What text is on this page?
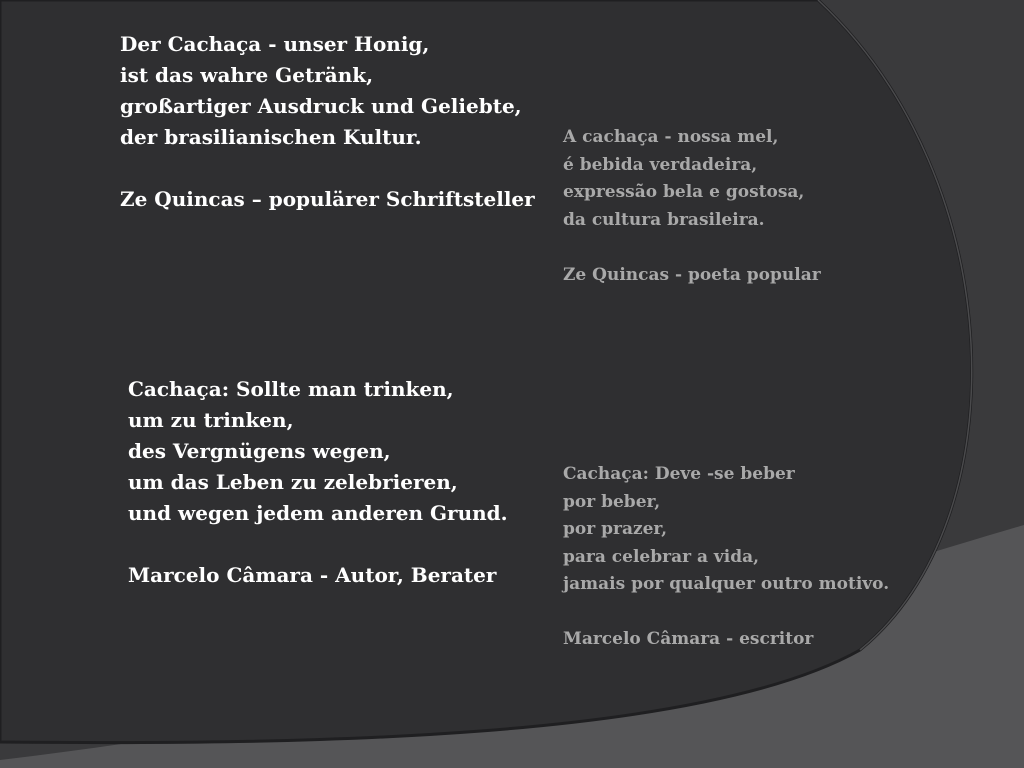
Der Cachaça - unser Honig,
ist das wahre Getränk,
großartiger Ausdruck und Geliebte,
der brasilianischen Kultur.

Ze Quincas – populärer Schriftsteller
A cachaça - nossa mel,
é bebida verdadeira,
expressão bela e gostosa,
da cultura brasileira.

Ze Quincas - poeta popular
Cachaça: Sollte man trinken,
um zu trinken,
des Vergnügens wegen,
um das Leben zu zelebrieren,
und wegen jedem anderen Grund.

Marcelo Câmara - Autor, Berater
Cachaça: Deve -se beber
por beber,
por prazer,
para celebrar a vida,
jamais por qualquer outro motivo.

Marcelo Câmara - escritor
